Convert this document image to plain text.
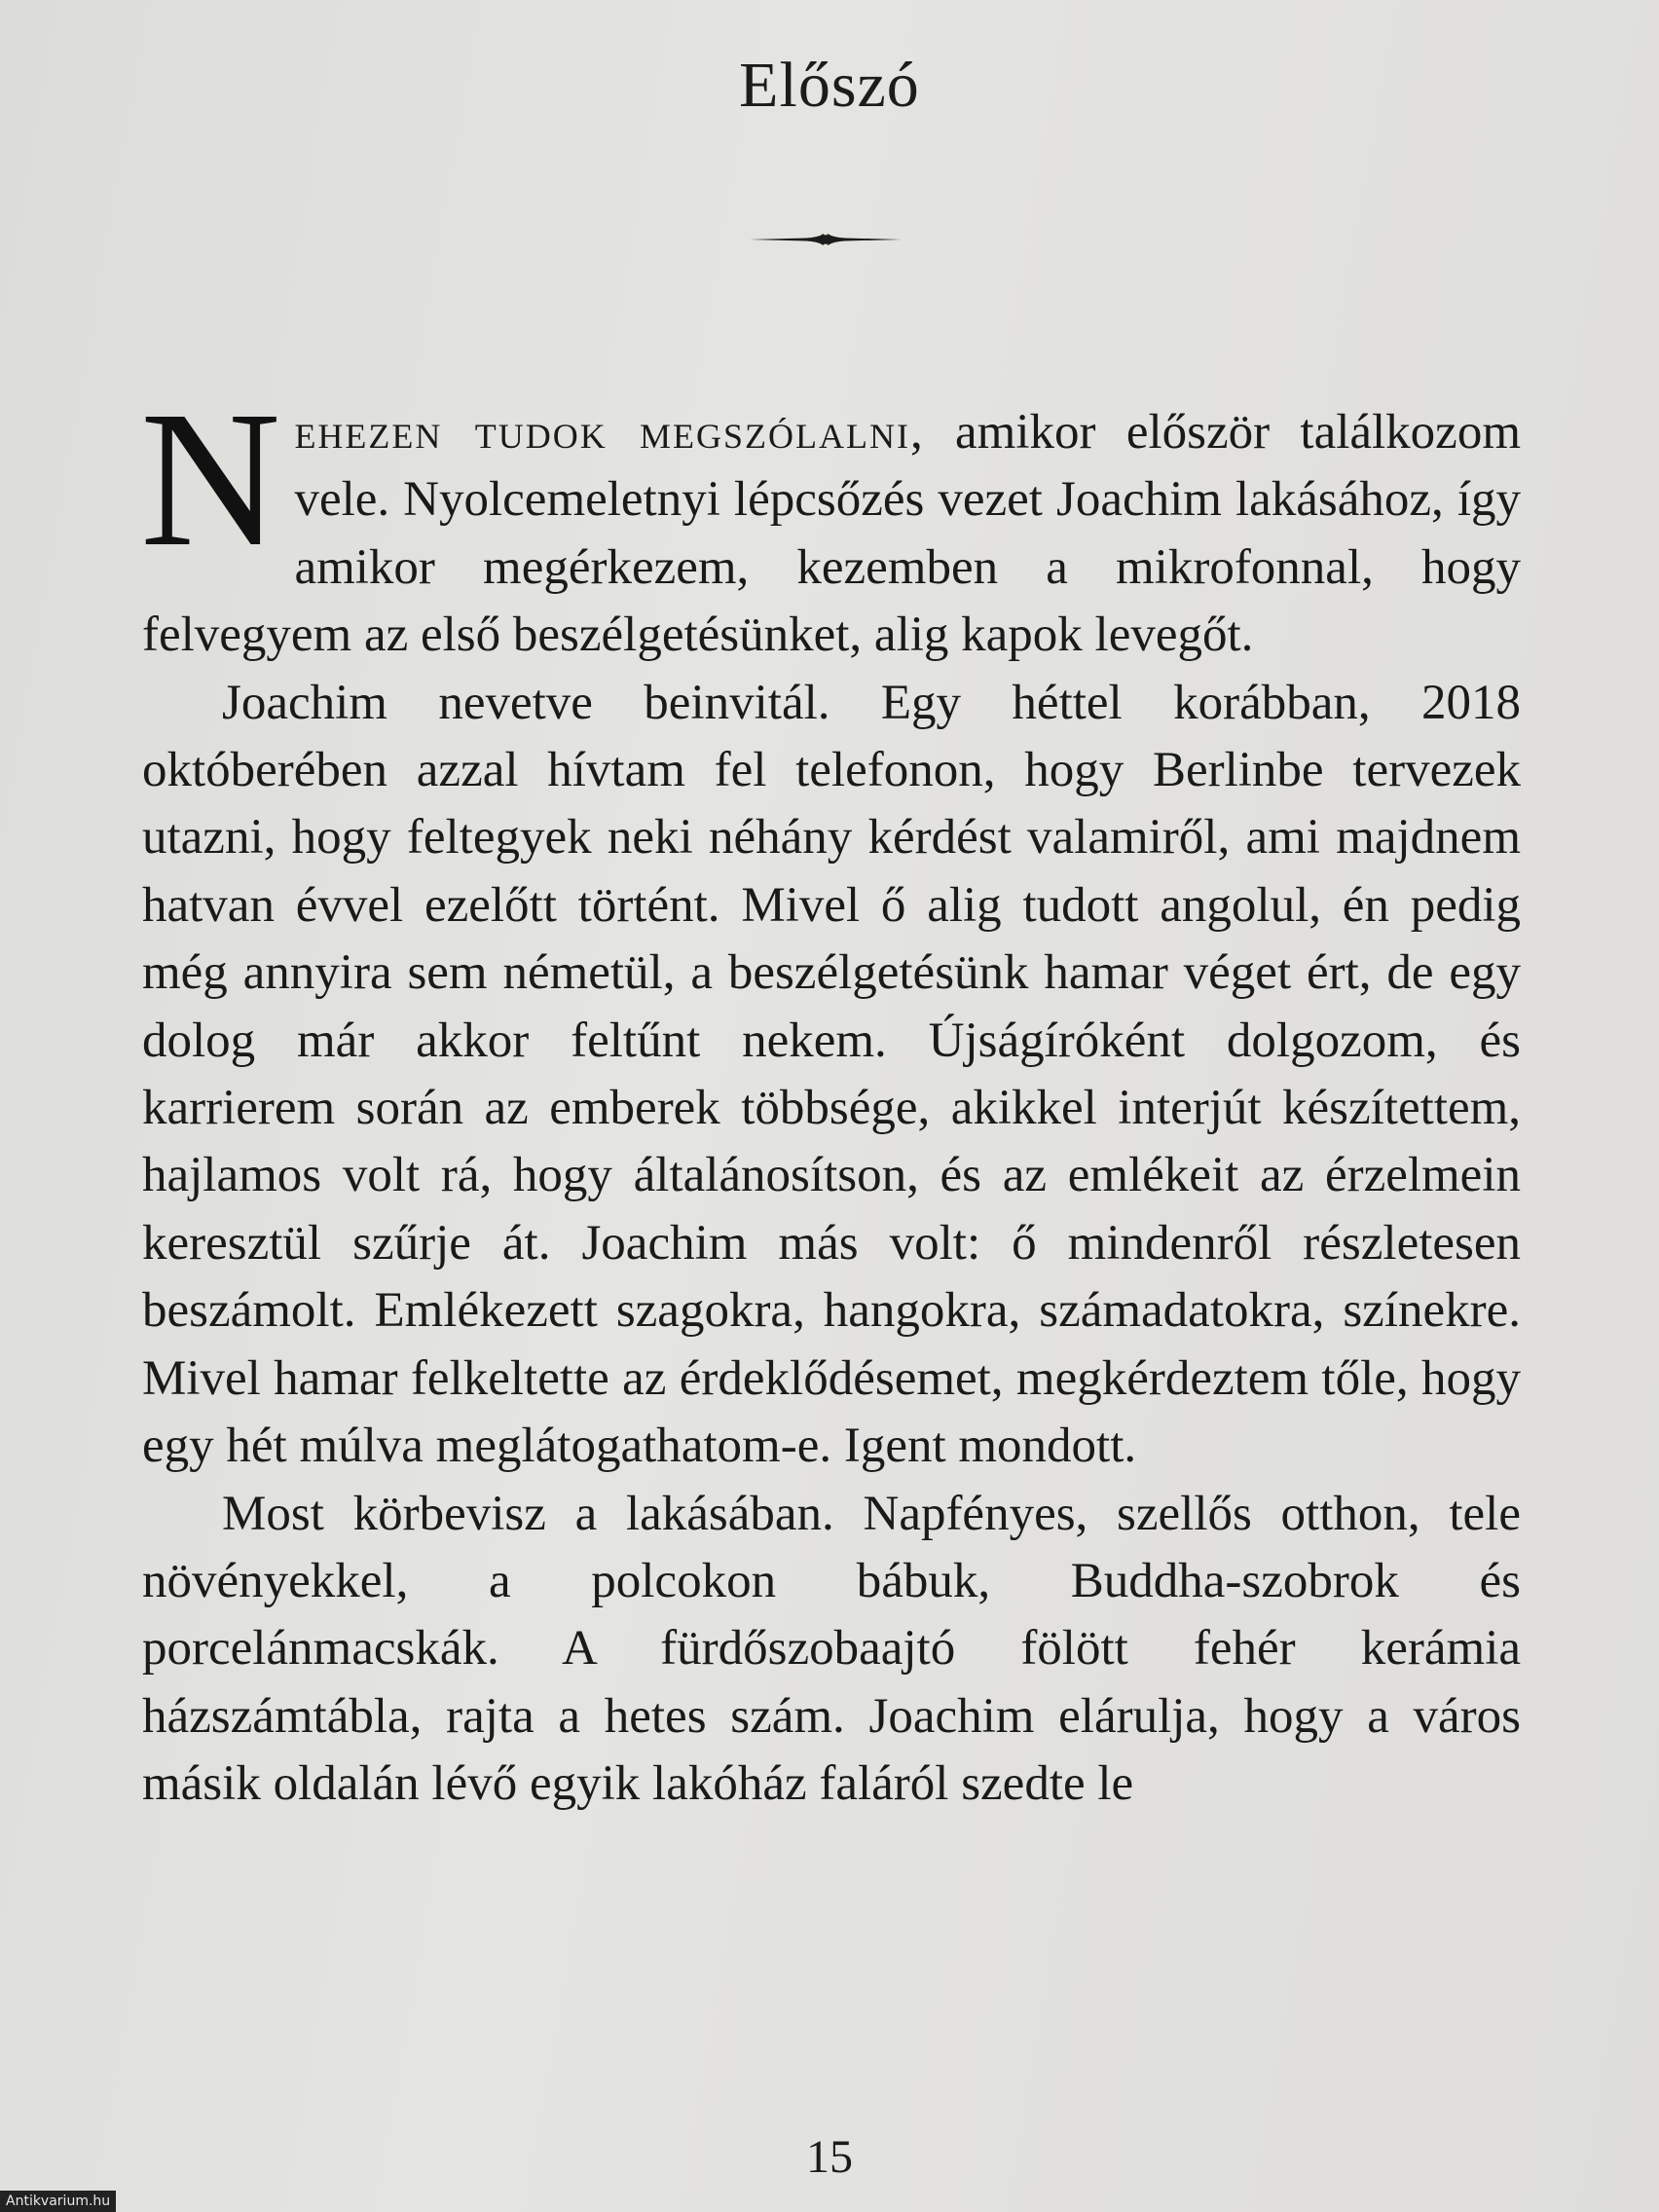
Előszó

Nehezen tudok megszólalni, amikor először találkozom vele. Nyolcemeletnyi lépcsőzés vezet Joachim lakásához, így amikor megérkezem, kezemben a mikrofonnal, hogy felvegyem az első beszélgetésünket, alig kapok levegőt.

Joachim nevetve beinvitál. Egy héttel korábban, 2018 októberében azzal hívtam fel telefonon, hogy Berlinbe tervezek utazni, hogy feltegyek neki néhány kérdést valamiről, ami majdnem hatvan évvel ezelőtt történt. Mivel ő alig tudott angolul, én pedig még annyira sem németül, a beszélgetésünk hamar véget ért, de egy dolog már akkor feltűnt nekem. Újságíróként dolgozom, és karrierem során az emberek többsége, akikkel interjút készítettem, hajlamos volt rá, hogy általánosítson, és az emlékeit az érzelmein keresztül szűrje át. Joachim más volt: ő mindenről részletesen beszámolt. Emlékezett szagokra, hangokra, számadatokra, színekre. Mivel hamar felkeltette az érdeklődésemet, megkérdeztem tőle, hogy egy hét múlva meglátogathatom-e. Igent mondott.

Most körbevisz a lakásában. Napfényes, szellős otthon, tele növényekkel, a polcokon bábuk, Buddha-szobrok és porcelánmacskák. A fürdőszobaajtó fölött fehér kerámia házszámtábla, rajta a hetes szám. Joachim elárulja, hogy a város másik oldalán lévő egyik lakóház faláról szedte le

15
Antikvarium.hu
